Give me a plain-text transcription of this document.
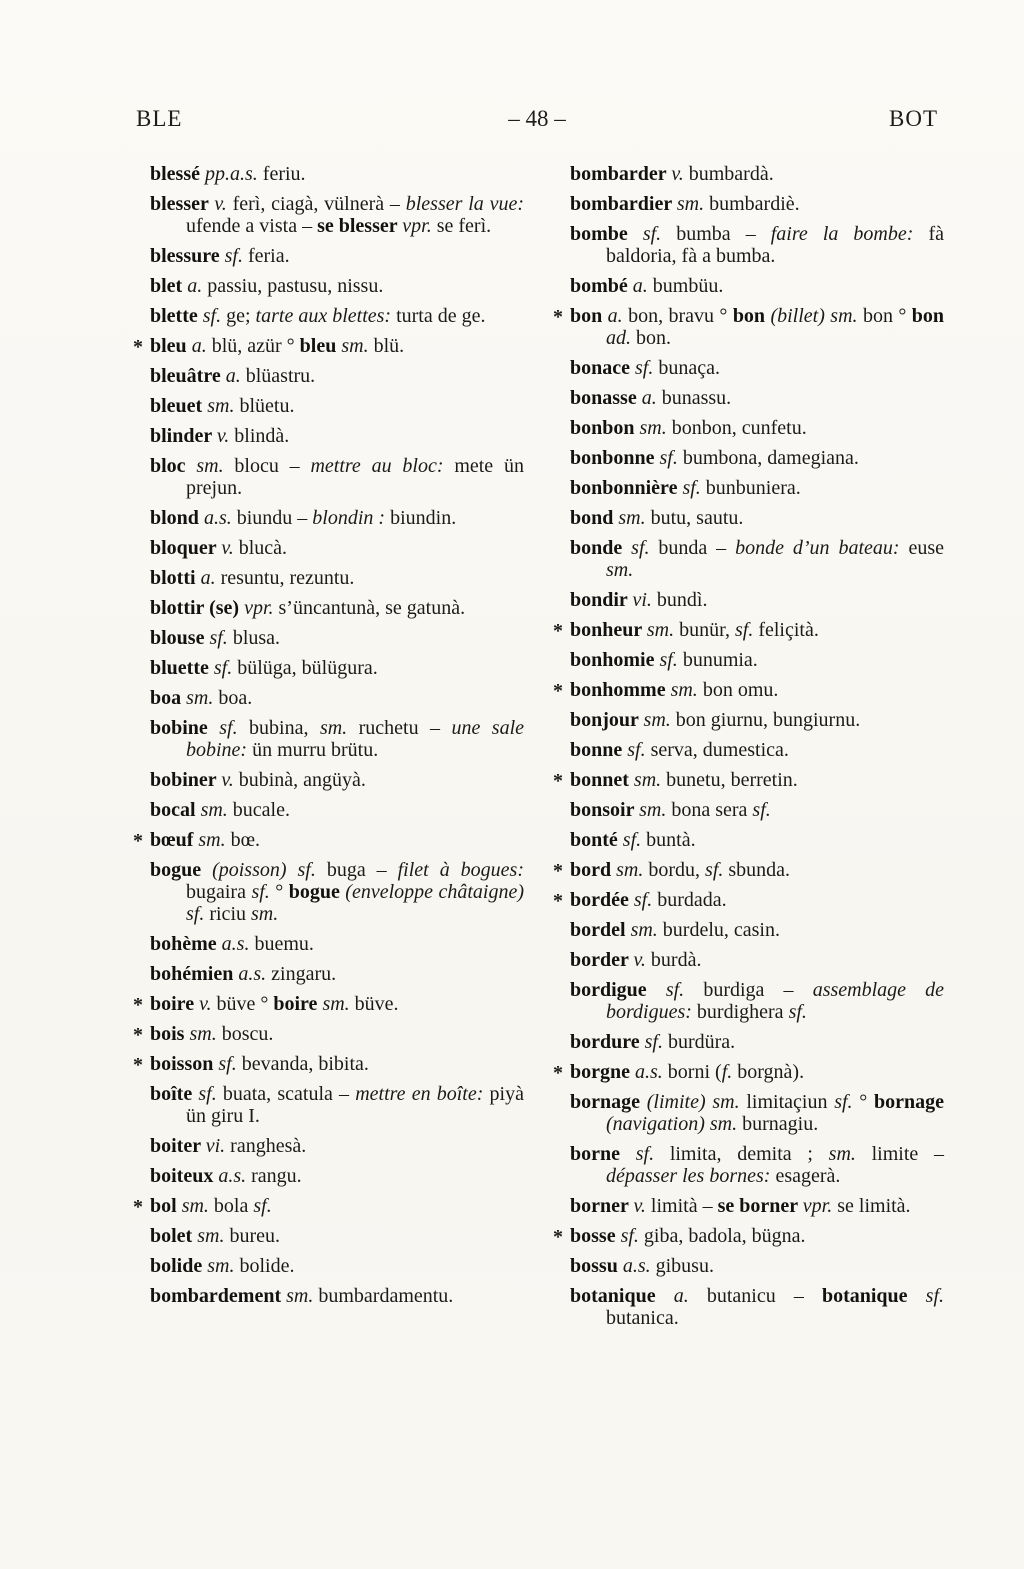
BLE	– 48 –	BOT
blessé pp.a.s. feriu.
blesser v. ferì, ciagà, vülnerà – blesser la vue: ufende a vista – se blesser vpr. se ferì.
blessure sf. feria.
blet a. passiu, pastusu, nissu.
blette sf. ge; tarte aux blettes: turta de ge.
* bleu a. blü, azür ° bleu sm. blü.
bleuâtre a. blüastru.
bleuet sm. blüetu.
blinder v. blindà.
bloc sm. blocu – mettre au bloc: mete ün prejun.
blond a.s. biundu – blondin : biundin.
bloquer v. blucà.
blotti a. resuntu, rezuntu.
blottir (se) vpr. s’üncantunà, se gatunà.
blouse sf. blusa.
bluette sf. bülüga, bülügura.
boa sm. boa.
bobine sf. bubina, sm. ruchetu – une sale bobine: ün murru brütu.
bobiner v. bubinà, angüyà.
bocal sm. bucale.
* bœuf sm. bœ.
bogue (poisson) sf. buga – filet à bogues: bugaira sf. ° bogue (enveloppe châtaigne) sf. riciu sm.
bohème a.s. buemu.
bohémien a.s. zingaru.
* boire v. büve ° boire sm. büve.
* bois sm. boscu.
* boisson sf. bevanda, bibita.
boîte sf. buata, scatula – mettre en boîte: piyà ün giru I.
boiter vi. ranghesà.
boiteux a.s. rangu.
* bol sm. bola sf.
bolet sm. bureu.
bolide sm. bolide.
bombardement sm. bumbardamentu.
bombarder v. bumbardà.
bombardier sm. bumbardiè.
bombe sf. bumba – faire la bombe: fà baldoria, fà a bumba.
bombé a. bumbüu.
* bon a. bon, bravu ° bon (billet) sm. bon ° bon ad. bon.
bonace sf. bunaça.
bonasse a. bunassu.
bonbon sm. bonbon, cunfetu.
bonbonne sf. bumbona, damegiana.
bonbonnière sf. bunbuniera.
bond sm. butu, sautu.
bonde sf. bunda – bonde d’un bateau: euse sm.
bondir vi. bundì.
* bonheur sm. bunür, sf. feliçità.
bonhomie sf. bunumia.
* bonhomme sm. bon omu.
bonjour sm. bon giurnu, bungiurnu.
bonne sf. serva, dumestica.
* bonnet sm. bunetu, berretin.
bonsoir sm. bona sera sf.
bonté sf. buntà.
* bord sm. bordu, sf. sbunda.
* bordée sf. burdada.
bordel sm. burdelu, casin.
border v. burdà.
bordigue sf. burdiga – assemblage de bordigues: burdighera sf.
bordure sf. burdüra.
* borgne a.s. borni (f. borgnà).
bornage (limite) sm. limitaçiun sf. ° bornage (navigation) sm. burnagiu.
borne sf. limita, demita ; sm. limite – dépasser les bornes: esagerà.
borner v. limità – se borner vpr. se limità.
* bosse sf. giba, badola, bügna.
bossu a.s. gibusu.
botanique a. butanicu – botanique sf. butanica.
